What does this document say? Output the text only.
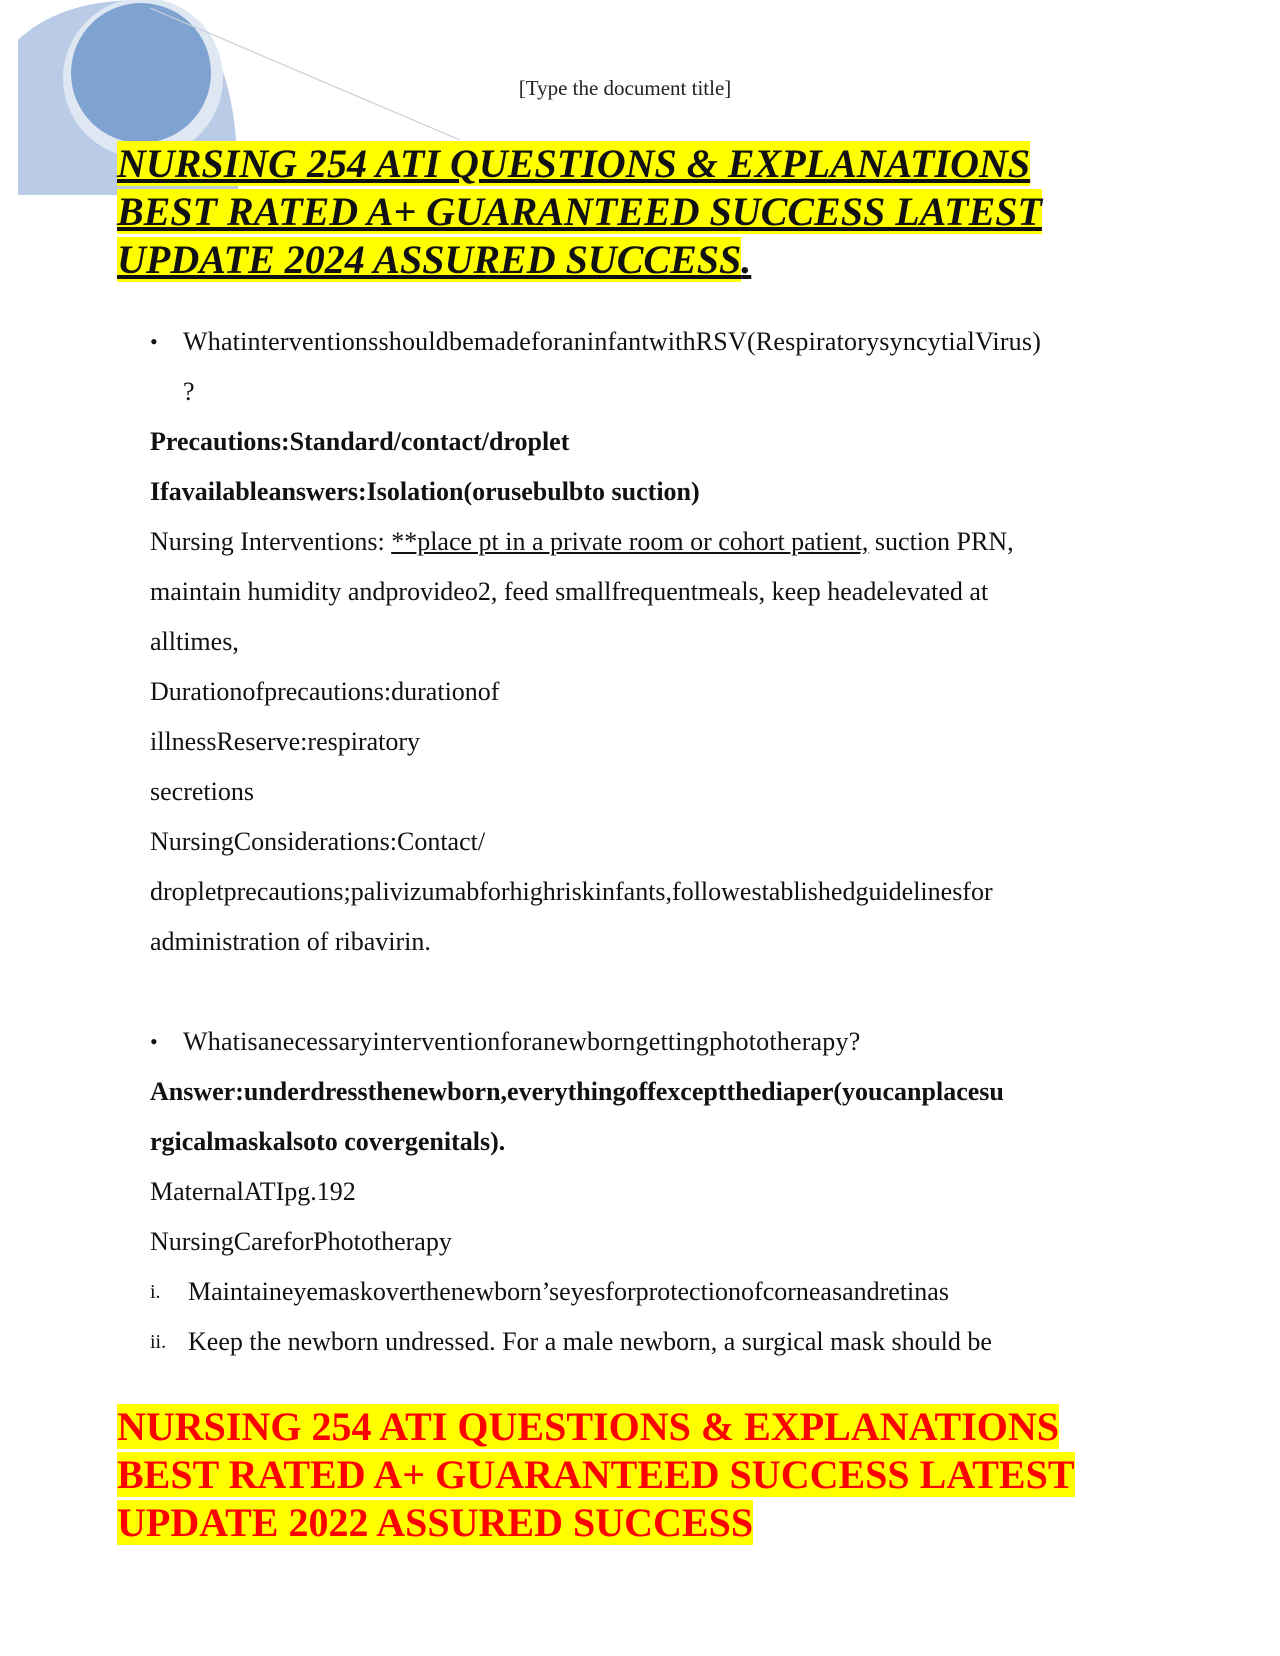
[Type the document title]
NURSING 254 ATI QUESTIONS & EXPLANATIONS
BEST RATED A+ GUARANTEED SUCCESS LATEST
UPDATE 2024 ASSURED SUCCESS.
• WhatinterventionsshouldbemadeforaninfantwithRSV(RespiratorysyncytialVirus)
?
Precautions:Standard/contact/droplet
Ifavailableanswers:Isolation(orusebulbto suction)
Nursing Interventions: **place pt in a private room or cohort patient, suction PRN,
maintain humidity andprovideo2, feed smallfrequentmeals, keep headelevated at
alltimes,
Durationofprecautions:durationof
illnessReserve:respiratory
secretions
NursingConsiderations:Contact/
dropletprecautions;palivizumabforhighriskinfants,followestablishedguidelinesfor
administration of ribavirin.
• Whatisanecessaryinterventionforanewborngettingphototherapy?
Answer:underdressthenewborn,everythingoffexceptthediaper(youcanplacesu
rgicalmaskalsoto covergenitals).
MaternalATIpg.192
NursingCareforPhototherapy
i. Maintaineyemaskoverthenewborn’seyesforprotectionofcorneasandretinas
ii. Keep the newborn undressed. For a male newborn, a surgical mask should be
NURSING 254 ATI QUESTIONS & EXPLANATIONS
BEST RATED A+ GUARANTEED SUCCESS LATEST
UPDATE 2022 ASSURED SUCCESS
